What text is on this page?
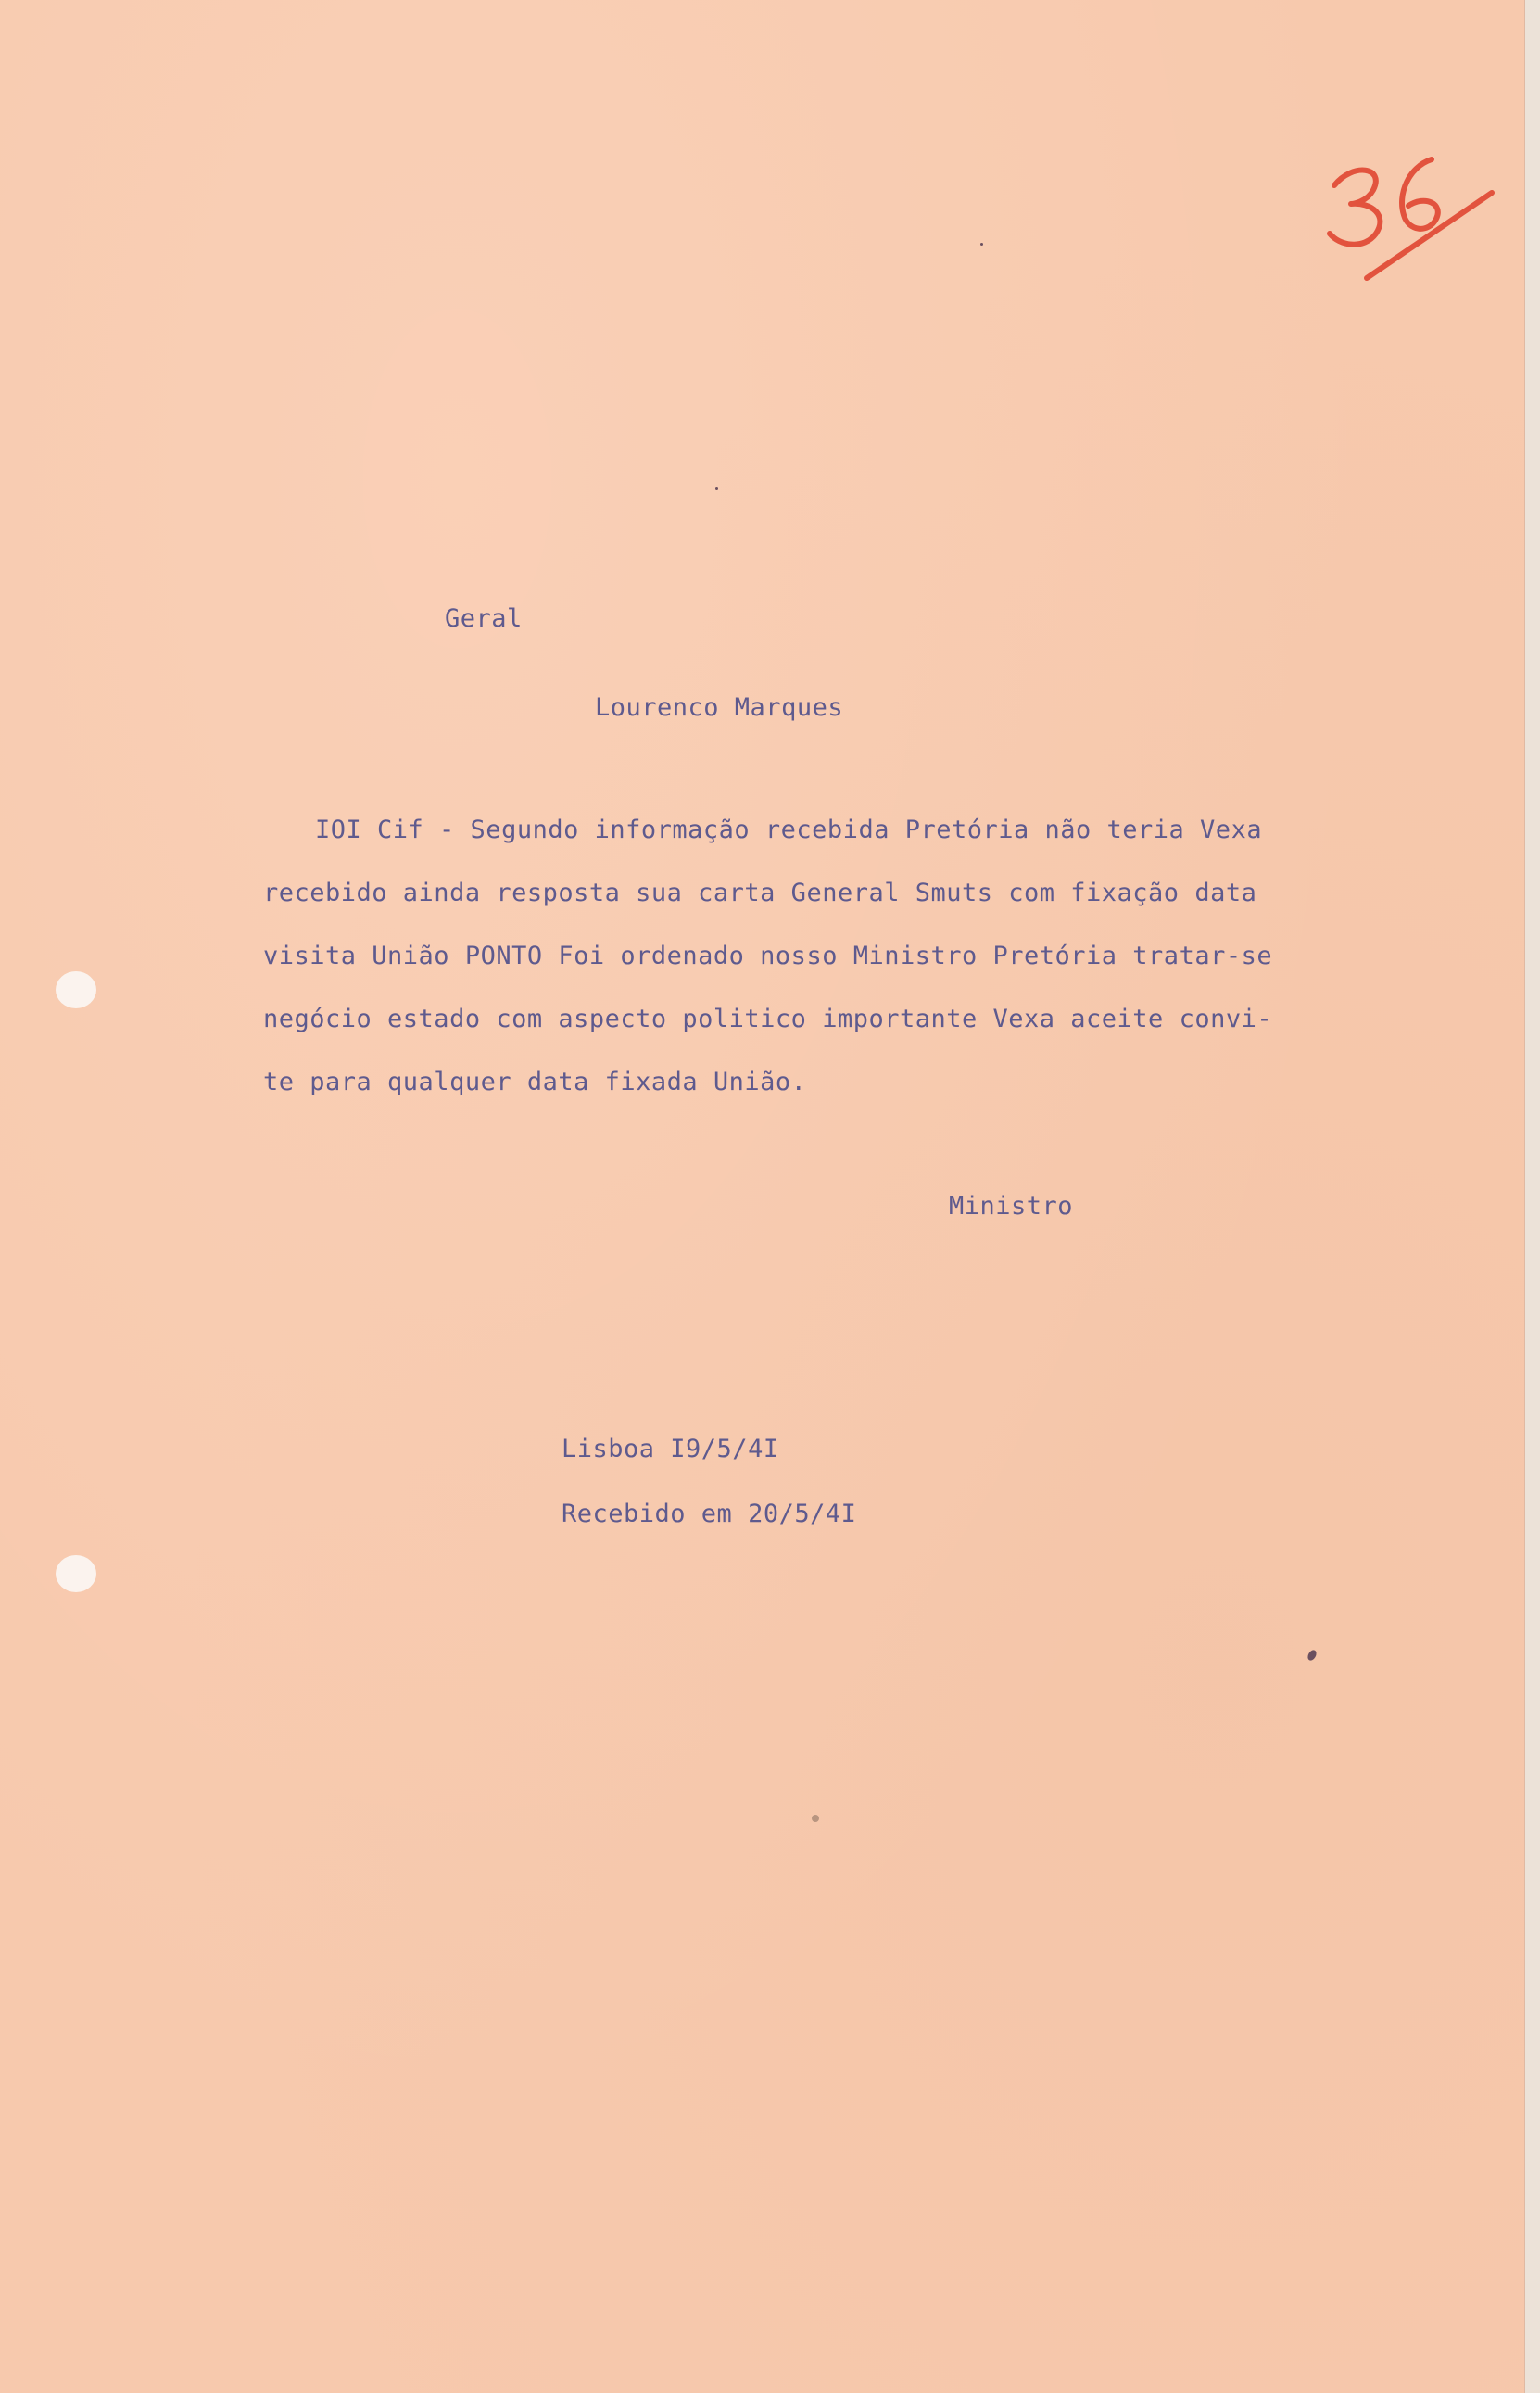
Geral

Lourenco Marques

IOI Cif - Segundo informação recebida Pretória não teria Vexa

recebido ainda resposta sua carta General Smuts com fixação data

visita União PONTO Foi ordenado nosso Ministro Pretória tratar-se

negócio estado com aspecto politico importante Vexa aceite convi-

te para qualquer data fixada União.

Ministro

Lisboa I9/5/4I

Recebido em 20/5/4I
